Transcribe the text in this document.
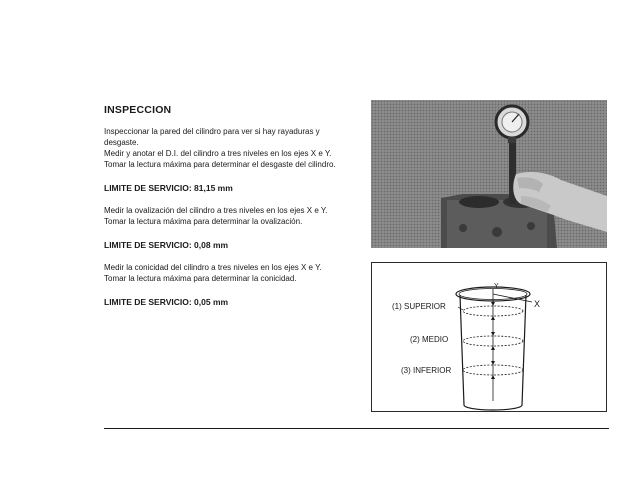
INSPECCION

Inspeccionar la pared del cilindro para ver si hay rayaduras y desgaste.

Medir y anotar el D.I. del cilindro a tres niveles en los ejes X e Y. Tomar la lectura máxima para determinar el desgaste del cilindro.

LIMITE DE SERVICIO: 81,15 mm

Medir la ovalización del cilindro a tres niveles en los ejes X e Y. Tomar la lectura máxima para determinar la ovalización.

LIMITE DE SERVICIO: 0,08 mm

Medir la conicidad del cilindro a tres niveles en los ejes X e Y. Tomar la lectura máxima para determinar la conicidad.

LIMITE DE SERVICIO: 0,05 mm	(1) SUPERIOR
(2) MEDIO
(3) INFERIOR
Y
X
